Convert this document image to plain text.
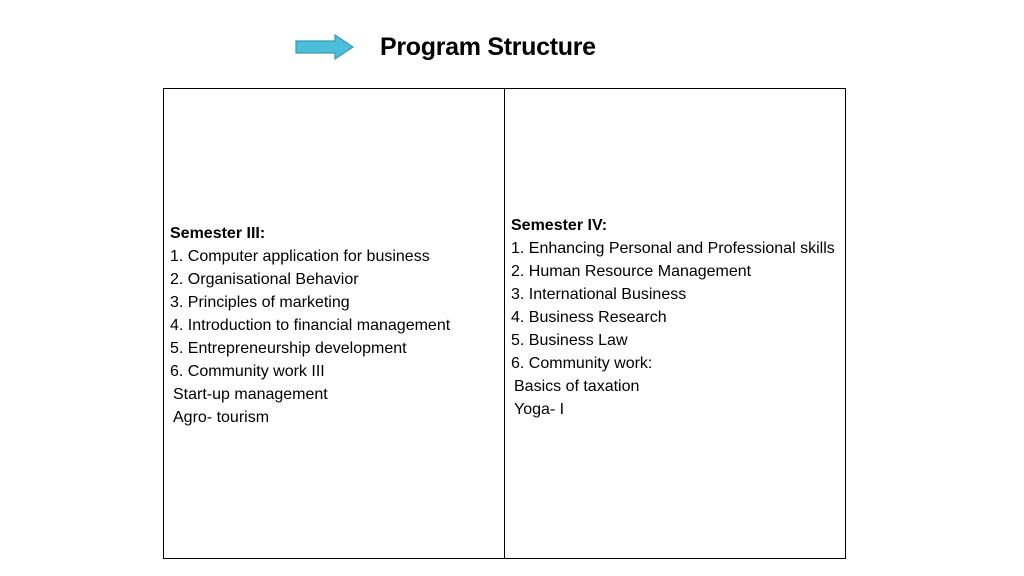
Program Structure
Semester III:
1. Computer application for business
2. Organisational Behavior
3. Principles of marketing
4. Introduction to financial management
5. Entrepreneurship development
6. Community work III
Start-up management
Agro- tourism
Semester IV:
1. Enhancing Personal and Professional skills
2. Human Resource Management
3. International Business
4. Business Research
5. Business Law
6. Community work:
Basics of taxation
Yoga- I
